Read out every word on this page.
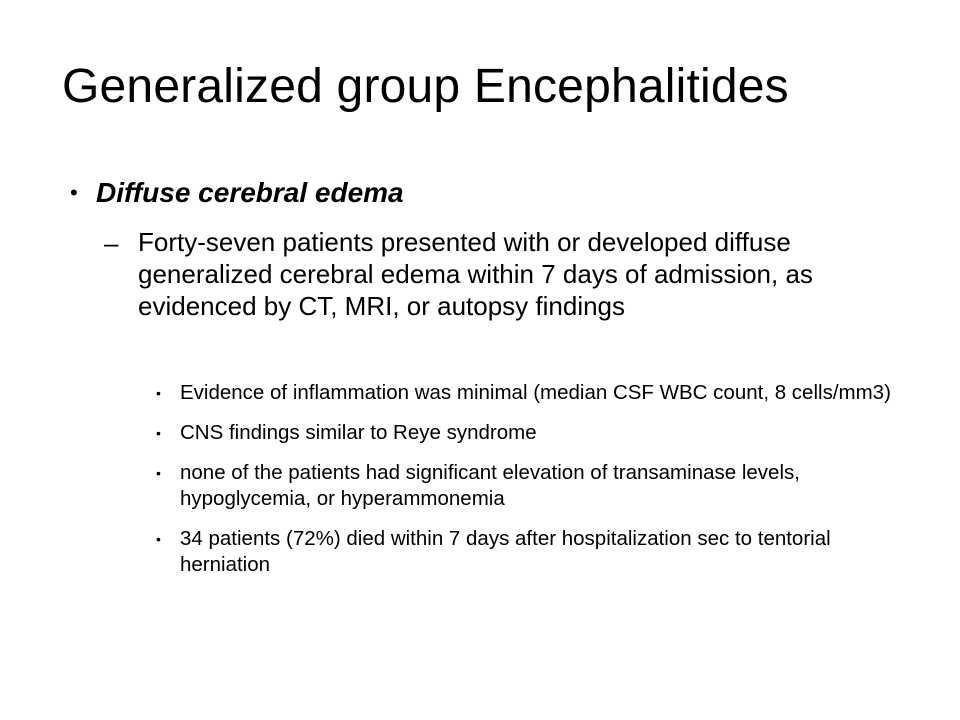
Generalized group Encephalitides
• Diffuse cerebral edema
– Forty-seven patients presented with or developed diffuse generalized cerebral edema within 7 days of admission, as evidenced by CT, MRI, or autopsy findings
• Evidence of inflammation was minimal (median CSF WBC count, 8 cells/mm3)
• CNS findings similar to Reye syndrome
• none of the patients had significant elevation of transaminase levels, hypoglycemia, or hyperammonemia
• 34 patients (72%) died within 7 days after hospitalization sec to tentorial herniation
